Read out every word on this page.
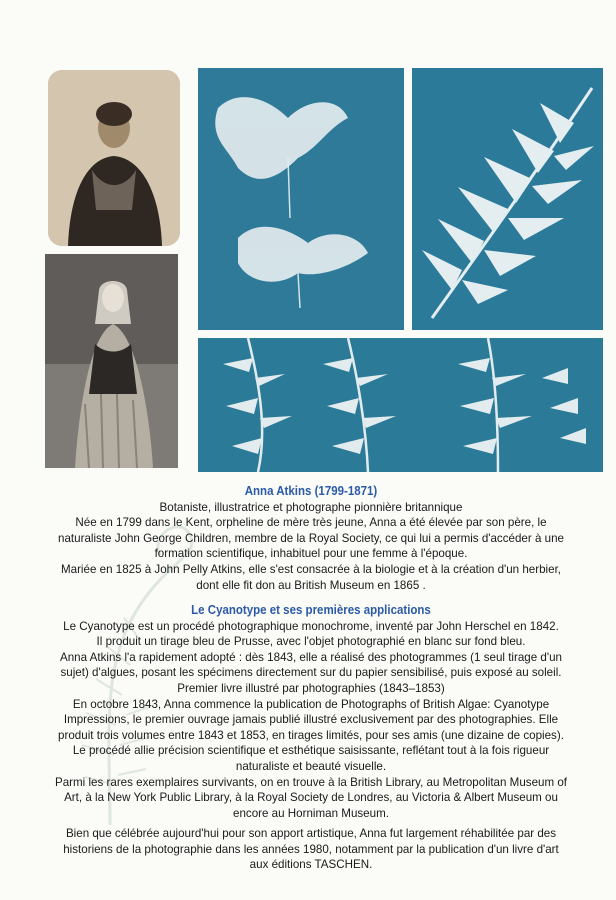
Anna Atkins (1799-1871)
Botaniste, illustratrice et photographe pionnière britannique
Née en 1799 dans le Kent, orpheline de mère très jeune, Anna a été élevée par son père, le
naturaliste John George Children, membre de la Royal Society, ce qui lui a permis d'accéder à une
formation scientifique, inhabituel pour une femme à l'époque.
Mariée en 1825 à John Pelly Atkins, elle s'est consacrée à la biologie et à la création d'un herbier,
dont elle fit don au British Museum en 1865 .
Le Cyanotype et ses premières applications
Le Cyanotype est un procédé photographique monochrome, inventé par John Herschel en 1842.
Il produit un tirage bleu de Prusse, avec l'objet photographié en blanc sur fond bleu.
Anna Atkins l'a rapidement adopté : dès 1843, elle a réalisé des photogrammes (1 seul tirage d'un
sujet) d'algues, posant les spécimens directement sur du papier sensibilisé, puis exposé au soleil.
Premier livre illustré par photographies (1843–1853)
En octobre 1843, Anna commence la publication de Photographs of British Algae: Cyanotype
Impressions, le premier ouvrage jamais publié illustré exclusivement par des photographies. Elle
produit trois volumes entre 1843 et 1853, en tirages limités, pour ses amis (une dizaine de copies).
Le procédé allie précision scientifique et esthétique saisissante, reflétant tout à la fois rigueur
naturaliste et beauté visuelle.
Parmi les rares exemplaires survivants, on en trouve à la British Library, au Metropolitan Museum of
Art, à la New York Public Library, à la Royal Society de Londres, au Victoria & Albert Museum ou
encore au Horniman Museum.
Bien que célébrée aujourd'hui pour son apport artistique, Anna fut largement réhabilitée par des
historiens de la photographie dans les années 1980, notamment par la publication d'un livre d'art
aux éditions TASCHEN.
